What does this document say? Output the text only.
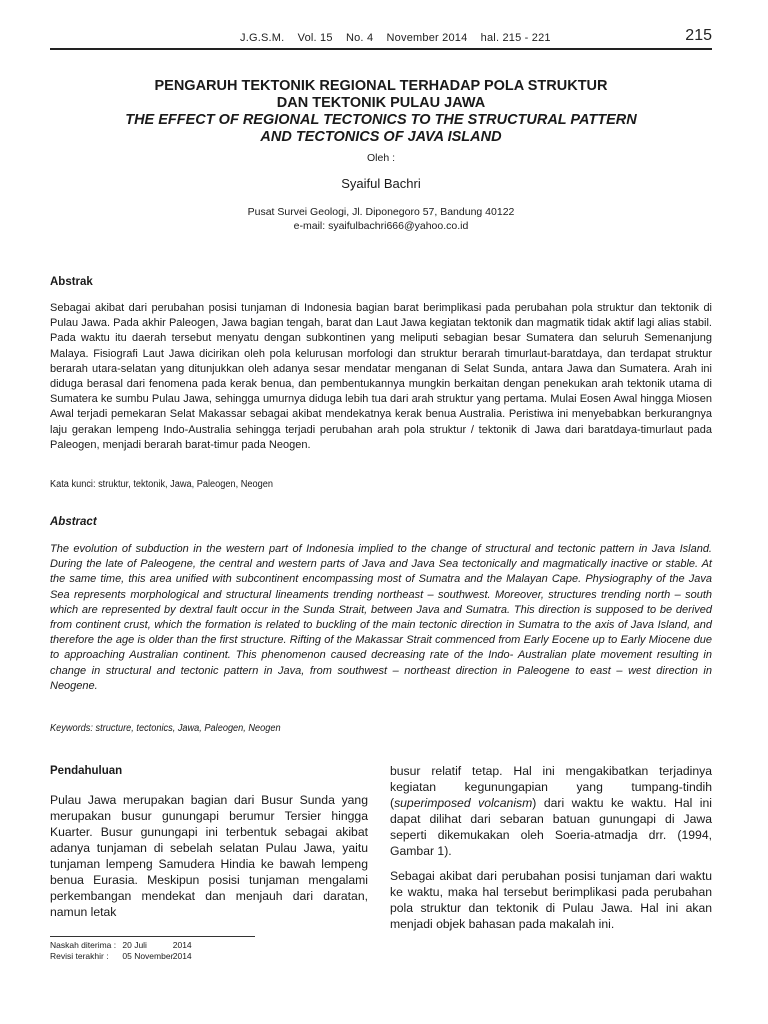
J.G.S.M. Vol. 15 No. 4 November 2014 hal. 215 - 221	215

PENGARUH TEKTONIK REGIONAL TERHADAP POLA STRUKTUR

DAN TEKTONIK PULAU JAWA

THE EFFECT OF REGIONAL TECTONICS TO THE STRUCTURAL PATTERN

AND TECTONICS OF JAVA ISLAND

Oleh :
Syaiful Bachri
Pusat Survei Geologi, Jl. Diponegoro 57, Bandung 40122
e-mail: syaifulbachri666@yahoo.co.id
Abstrak
Sebagai akibat dari perubahan posisi tunjaman di Indonesia bagian barat berimplikasi pada perubahan pola struktur dan tektonik di Pulau Jawa. Pada akhir Paleogen, Jawa bagian tengah, barat dan Laut Jawa kegiatan tektonik dan magmatik tidak aktif lagi alias stabil. Pada waktu itu daerah tersebut menyatu dengan subkontinen yang meliputi sebagian besar Sumatera dan seluruh Semenanjung Malaya. Fisiografi Laut Jawa dicirikan oleh pola kelurusan morfologi dan struktur berarah timurlaut-baratdaya, dan terdapat struktur berarah utara-selatan yang ditunjukkan oleh adanya sesar mendatar menganan di Selat Sunda, antara Jawa dan Sumatera. Arah ini diduga berasal dari fenomena pada kerak benua, dan pembentukannya mungkin berkaitan dengan penekukan arah tektonik utama di Sumatera ke sumbu Pulau Jawa, sehingga umurnya diduga lebih tua dari arah struktur yang pertama. Mulai Eosen Awal hingga Miosen Awal terjadi pemekaran Selat Makassar sebagai akibat mendekatnya kerak benua Australia. Peristiwa ini menyebabkan berkurangnya laju gerakan lempeng Indo-Australia sehingga terjadi perubahan arah pola struktur / tektonik di Jawa dari baratdaya-timurlaut pada Paleogen, menjadi berarah barat-timur pada Neogen.
Kata kunci: struktur, tektonik, Jawa, Paleogen, Neogen
Abstract
The evolution of subduction in the western part of Indonesia implied to the change of structural and tectonic pattern in Java Island. During the late of Paleogene, the central and western parts of Java and Java Sea tectonically and magmatically inactive or stable. At the same time, this area unified with subcontinent encompassing most of Sumatra and the Malayan Cape. Physiography of the Java Sea represents morphological and structural lineaments trending northeast – southwest. Moreover, structures trending north – south which are represented by dextral fault occur in the Sunda Strait, between Java and Sumatra. This direction is supposed to be derived from continent crust, which the formation is related to buckling of the main tectonic direction in Sumatra to the axis of Java Island, and therefore the age is older than the first structure. Rifting of the Makassar Strait commenced from Early Eocene up to Early Miocene due to approaching Australian continent. This phenomenon caused decreasing rate of the Indo- Australian plate movement resulting in change in structural and tectonic pattern in Java, from southwest – northeast direction in Paleogene to east – west direction in Neogene.
Keywords: structure, tectonics, Jawa, Paleogen, Neogen
Pendahuluan

Pulau Jawa merupakan bagian dari Busur Sunda yang merupakan busur gunungapi berumur Tersier hingga Kuarter. Busur gunungapi ini terbentuk sebagai akibat adanya tunjaman di sebelah selatan Pulau Jawa, yaitu tunjaman lempeng Samudera Hindia ke bawah lempeng benua Eurasia. Meskipun posisi tunjaman mengalami perkembangan mendekat dan menjauh dari daratan, namun letak

busur relatif tetap. Hal ini mengakibatkan terjadinya kegiatan kegunungapian yang tumpang-tindih (superimposed volcanism) dari waktu ke waktu. Hal ini dapat dilihat dari sebaran batuan gunungapi di Jawa seperti dikemukakan oleh Soeria-atmadja drr. (1994, Gambar 1).

Sebagai akibat dari perubahan posisi tunjaman dari waktu ke waktu, maka hal tersebut berimplikasi pada perubahan pola struktur dan tektonik di Pulau Jawa. Hal ini akan menjadi objek bahasan pada makalah ini.

Naskah diterima : 20 Juli	2014
Revisi terakhir : 05 November 2014
